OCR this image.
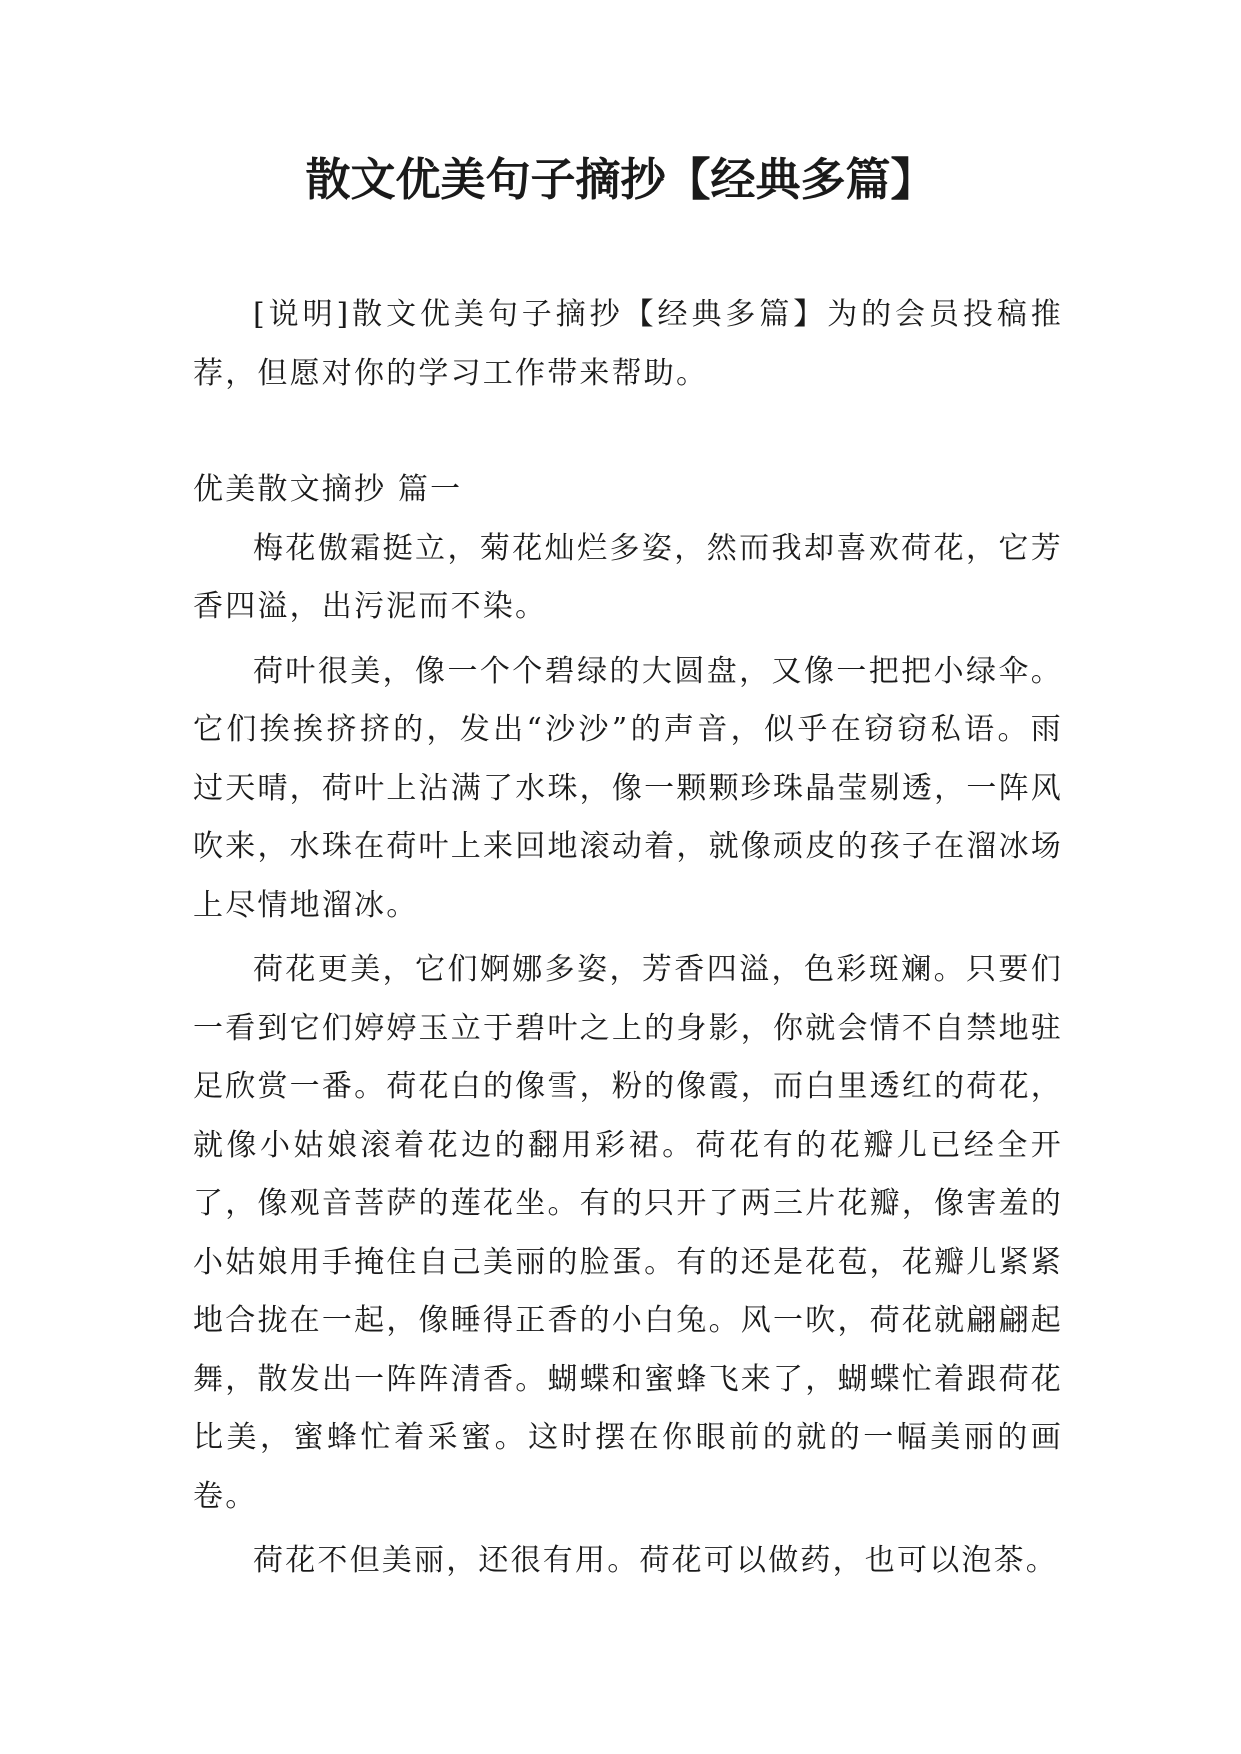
散文优美句子摘抄【经典多篇】

[说明]散文优美句子摘抄【经典多篇】为的会员投稿推荐，但愿对你的学习工作带来帮助。

优美散文摘抄 篇一

梅花傲霜挺立，菊花灿烂多姿，然而我却喜欢荷花，它芳香四溢，出污泥而不染。

荷叶很美，像一个个碧绿的大圆盘，又像一把把小绿伞。它们挨挨挤挤的，发出“沙沙”的声音，似乎在窃窃私语。雨过天晴，荷叶上沾满了水珠，像一颗颗珍珠晶莹剔透，一阵风吹来，水珠在荷叶上来回地滚动着，就像顽皮的孩子在溜冰场上尽情地溜冰。

荷花更美，它们婀娜多姿，芳香四溢，色彩斑斓。只要们一看到它们婷婷玉立于碧叶之上的身影，你就会情不自禁地驻足欣赏一番。荷花白的像雪，粉的像霞，而白里透红的荷花，就像小姑娘滚着花边的翻用彩裙。荷花有的花瓣儿已经全开了，像观音菩萨的莲花坐。有的只开了两三片花瓣，像害羞的小姑娘用手掩住自己美丽的脸蛋。有的还是花苞，花瓣儿紧紧地合拢在一起，像睡得正香的小白兔。风一吹，荷花就翩翩起舞，散发出一阵阵清香。蝴蝶和蜜蜂飞来了，蝴蝶忙着跟荷花比美，蜜蜂忙着采蜜。这时摆在你眼前的就的一幅美丽的画卷。

荷花不但美丽，还很有用。荷花可以做药，也可以泡茶。
